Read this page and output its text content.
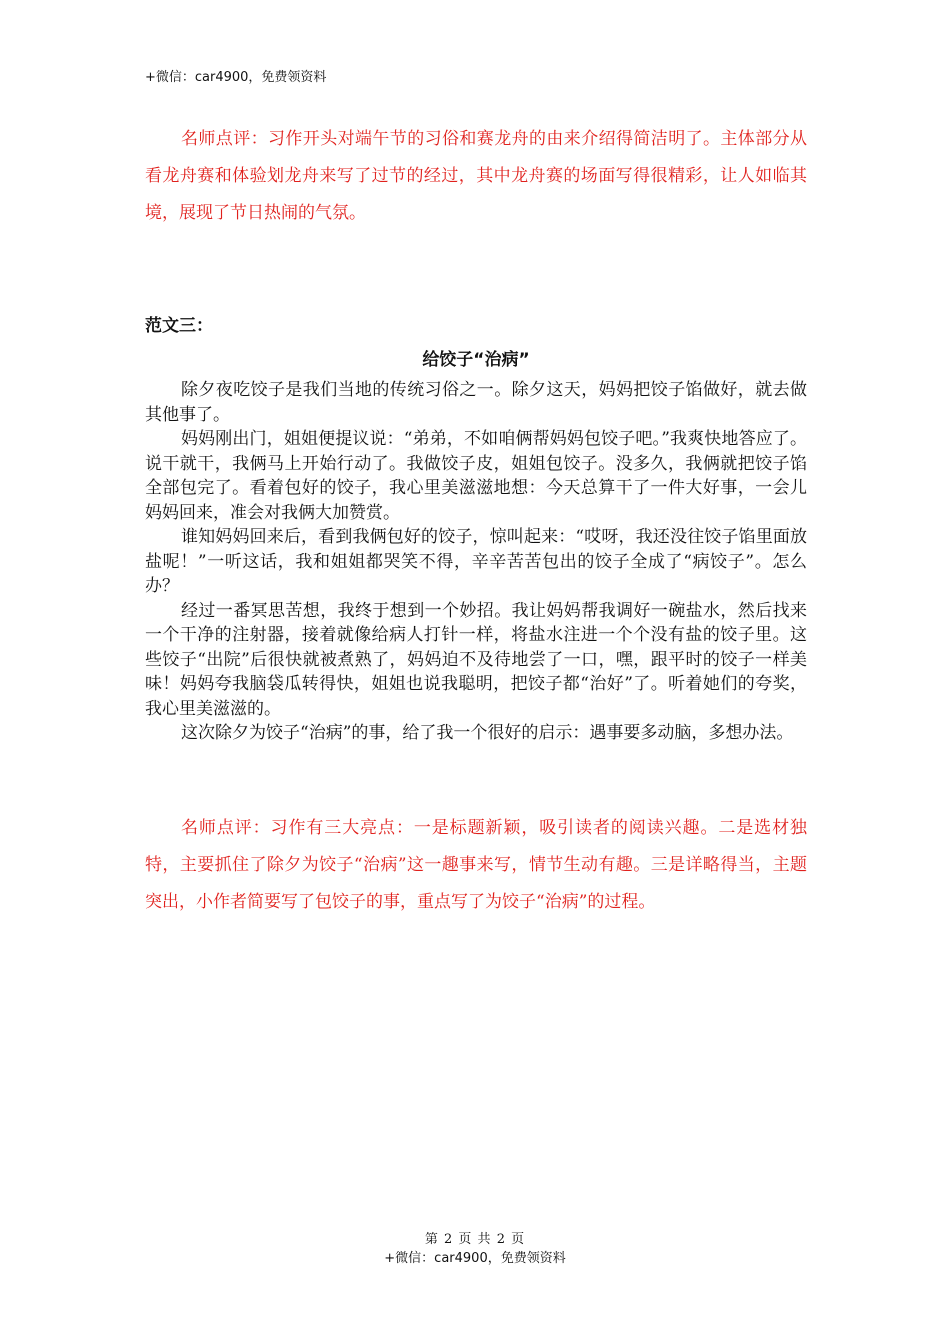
+微信：car4900，免费领资料

名师点评：习作开头对端午节的习俗和赛龙舟的由来介绍得简洁明了。主体部分从看龙舟赛和体验划龙舟来写了过节的经过，其中龙舟赛的场面写得很精彩，让人如临其境，展现了节日热闹的气氛。

范文三：
给饺子“治病”

除夕夜吃饺子是我们当地的传统习俗之一。除夕这天，妈妈把饺子馅做好，就去做其他事了。

妈妈刚出门，姐姐便提议说：“弟弟，不如咱俩帮妈妈包饺子吧。”我爽快地答应了。说干就干，我俩马上开始行动了。我做饺子皮，姐姐包饺子。没多久，我俩就把饺子馅全部包完了。看着包好的饺子，我心里美滋滋地想：今天总算干了一件大好事，一会儿妈妈回来，准会对我俩大加赞赏。

谁知妈妈回来后，看到我俩包好的饺子，惊叫起来：“哎呀，我还没往饺子馅里面放盐呢！”一听这话，我和姐姐都哭笑不得，辛辛苦苦包出的饺子全成了“病饺子”。怎么办？

经过一番冥思苦想，我终于想到一个妙招。我让妈妈帮我调好一碗盐水，然后找来一个干净的注射器，接着就像给病人打针一样，将盐水注进一个个没有盐的饺子里。这些饺子“出院”后很快就被煮熟了，妈妈迫不及待地尝了一口，嘿，跟平时的饺子一样美味！妈妈夸我脑袋瓜转得快，姐姐也说我聪明，把饺子都“治好”了。听着她们的夸奖，我心里美滋滋的。

这次除夕为饺子“治病”的事，给了我一个很好的启示：遇事要多动脑，多想办法。

名师点评：习作有三大亮点：一是标题新颖，吸引读者的阅读兴趣。二是选材独特，主要抓住了除夕为饺子“治病”这一趣事来写，情节生动有趣。三是详略得当，主题突出，小作者简要写了包饺子的事，重点写了为饺子“治病”的过程。

第 2 页 共 2 页
+微信：car4900，免费领资料
